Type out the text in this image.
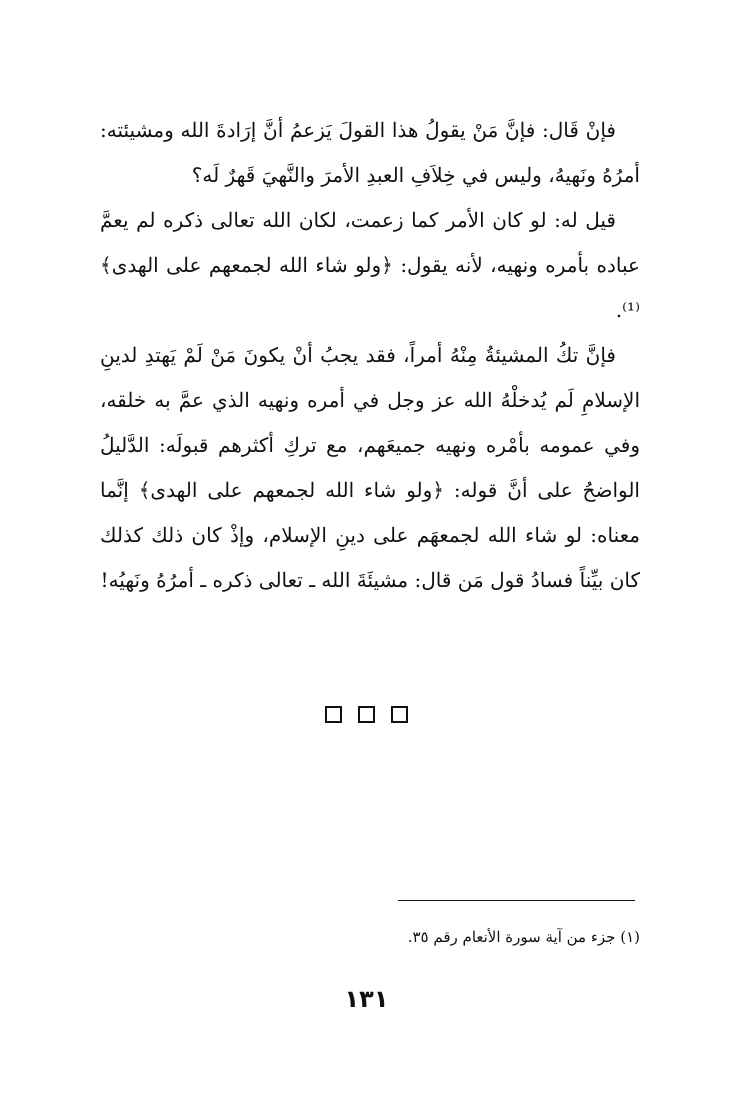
فإنْ قَال: فإنَّ مَنْ يقولُ هذا القولَ يَزعمُ أنَّ إرَادةَ الله ومشيئته: أمرُهُ ونَهيهُ، وليس في خِلاَفِ العبدِ الأمرَ والنَّهيَ قَهرٌ لَه؟

قيل له: لو كان الأمر كما زعمت، لكان الله تعالى ذكره لم يعمَّ عباده بأمره ونهيه، لأنه يقول: ﴿ولو شاء الله لجمعهم على الهدى﴾⁽¹⁾.

فإنَّ تكُ المشيئةُ مِنْهُ أمراً، فقد يجبُ أنْ يكونَ مَنْ لَمْ يَهتدِ لدينِ الإسلامِ لَم يُدخلْهُ الله عز وجل في أمره ونهيه الذي عمَّ به خلقه، وفي عمومه بأمْره ونهيه جميعَهم، مع تركِ أكثرهم قبولَه: الدَّليلُ الواضحُ على أنَّ قوله: ﴿ولو شاء الله لجمعهم على الهدى﴾ إنَّما معناه: لو شاء الله لجمعهَم على دينِ الإسلام، وإذْ كان ذلك كذلك كان بيِّناً فسادُ قول مَن قال: مشيئَةَ الله ـ تعالى ذكره ـ أمرُهُ ونَهيُه!

(١) جزء من آية سورة الأنعام رقم ٣٥.
١٣١
